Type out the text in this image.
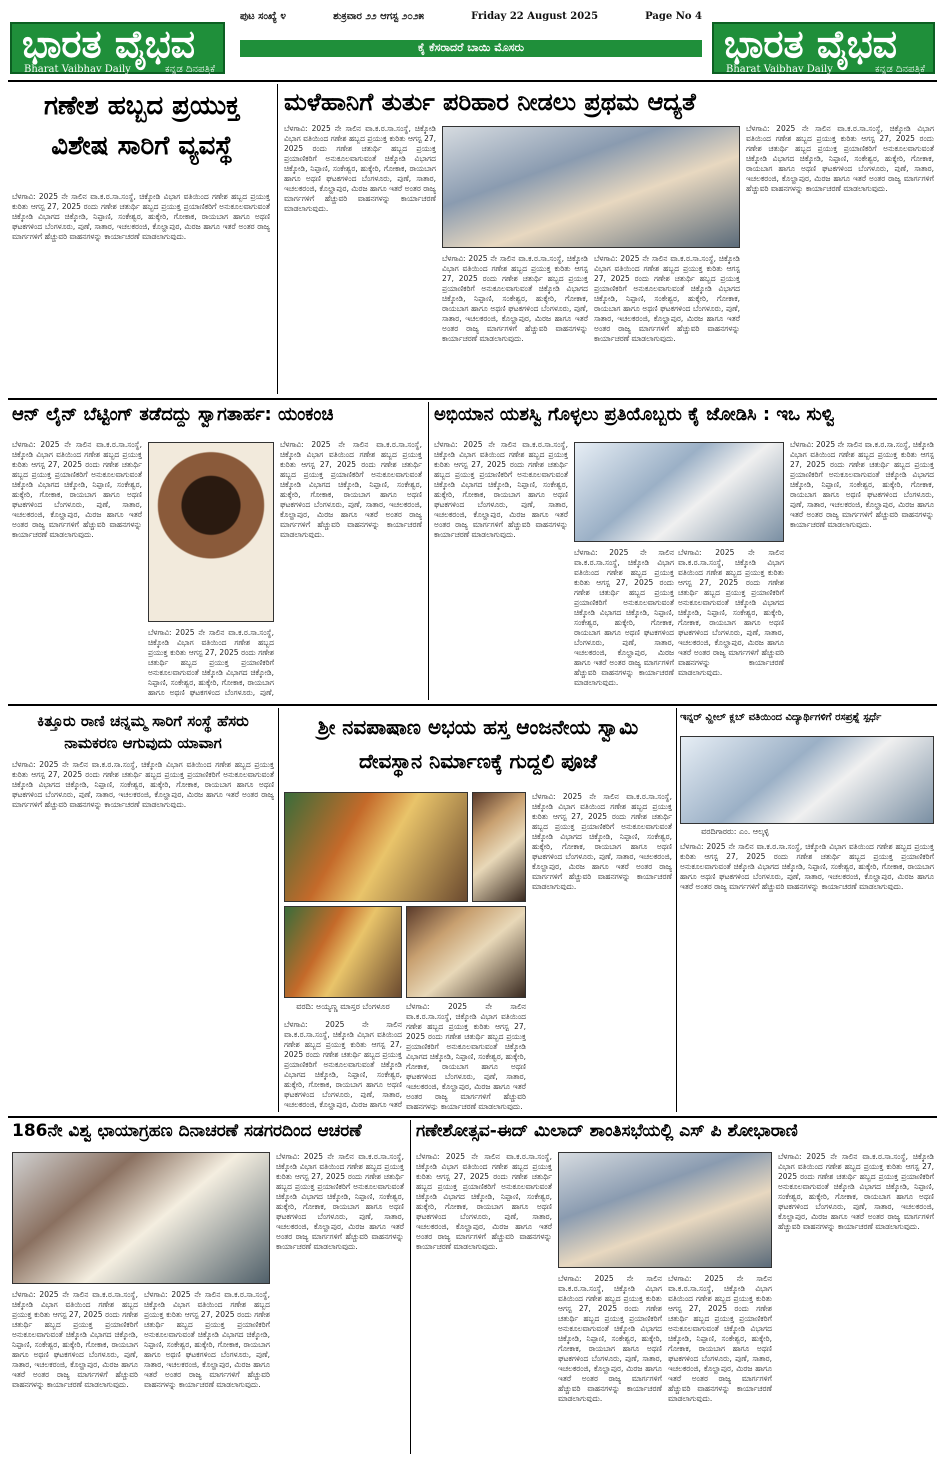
ಭಾರತ ವೈಭವ
Bharat Vaibhav Daily	ಕನ್ನಡ ದಿನಪತ್ರಿಕೆ
ಪುಟ ಸಂಖ್ಯೆ ೪	ಶುಕ್ರವಾರ ೨೨ ಆಗಸ್ಟ ೨೦೨೫	Friday 22 August 2025	Page No 4
ಕೈ ಕೆಸರಾದರೆ ಬಾಯಿ ಮೊಸರು	ಭಾರತ ವೈಭವ
Bharat Vaibhav Daily	ಕನ್ನಡ ದಿನಪತ್ರಿಕೆ
ಗಣೇಶ ಹಬ್ಬದ ಪ್ರಯುಕ್ತ ವಿಶೇಷ ಸಾರಿಗೆ ವ್ಯವಸ್ಥೆ
ಬೆಳಗಾವಿ: 2025 ನೇ ಸಾಲಿನ ವಾ.ಕ.ರ.ಸಾ.ಸಂಸ್ಥೆ, ಚಿಕ್ಕೋಡಿ ವಿಭಾಗ ವತಿಯಿಂದ ಗಣೇಶ ಹಬ್ಬದ ಪ್ರಯುಕ್ತ ಕುರಿತು ಆಗಸ್ಟ 27, 2025 ರಂದು ಗಣೇಶ ಚತುರ್ಥಿ ಹಬ್ಬದ ಪ್ರಯುಕ್ತ ಪ್ರಯಾಣಿಕರಿಗೆ ಅನುಕೂಲವಾಗುವಂತೆ ಚಿಕ್ಕೋಡಿ ವಿಭಾಗದ ಚಿಕ್ಕೋಡಿ, ನಿಪ್ಪಾಣಿ, ಸಂಕೇಶ್ವರ, ಹುಕ್ಕೇರಿ, ಗೋಕಾಕ, ರಾಯಬಾಗ ಹಾಗೂ ಅಥಣಿ ಘಟಕಗಳಿಂದ ಬೆಂಗಳೂರು, ಪುಣೆ, ಸಾತಾರ, ಇಚಲಕರಂಜಿ, ಕೊಲ್ಹಾಪುರ, ಮಿರಜ ಹಾಗೂ ಇತರೆ ಅಂತರ ರಾಜ್ಯ ಮಾರ್ಗಗಳಿಗೆ ಹೆಚ್ಚುವರಿ ವಾಹನಗಳನ್ನು ಕಾರ್ಯಾಚರಣೆ ಮಾಡಲಾಗುವುದು.
ಮಳೆಹಾನಿಗೆ ತುರ್ತು ಪರಿಹಾರ ನೀಡಲು ಪ್ರಥಮ ಆದ್ಯತೆ
ಬೆಳಗಾವಿ: 2025 ನೇ ಸಾಲಿನ ವಾ.ಕ.ರ.ಸಾ.ಸಂಸ್ಥೆ, ಚಿಕ್ಕೋಡಿ ವಿಭಾಗ ವತಿಯಿಂದ ಗಣೇಶ ಹಬ್ಬದ ಪ್ರಯುಕ್ತ ಕುರಿತು ಆಗಸ್ಟ 27, 2025 ರಂದು ಗಣೇಶ ಚತುರ್ಥಿ ಹಬ್ಬದ ಪ್ರಯುಕ್ತ ಪ್ರಯಾಣಿಕರಿಗೆ ಅನುಕೂಲವಾಗುವಂತೆ ಚಿಕ್ಕೋಡಿ ವಿಭಾಗದ ಚಿಕ್ಕೋಡಿ, ನಿಪ್ಪಾಣಿ, ಸಂಕೇಶ್ವರ, ಹುಕ್ಕೇರಿ, ಗೋಕಾಕ, ರಾಯಬಾಗ ಹಾಗೂ ಅಥಣಿ ಘಟಕಗಳಿಂದ ಬೆಂಗಳೂರು, ಪುಣೆ, ಸಾತಾರ, ಇಚಲಕರಂಜಿ, ಕೊಲ್ಹಾಪುರ, ಮಿರಜ ಹಾಗೂ ಇತರೆ ಅಂತರ ರಾಜ್ಯ ಮಾರ್ಗಗಳಿಗೆ ಹೆಚ್ಚುವರಿ ವಾಹನಗಳನ್ನು ಕಾರ್ಯಾಚರಣೆ ಮಾಡಲಾಗುವುದು.
ಬೆಳಗಾವಿ: 2025 ನೇ ಸಾಲಿನ ವಾ.ಕ.ರ.ಸಾ.ಸಂಸ್ಥೆ, ಚಿಕ್ಕೋಡಿ ವಿಭಾಗ ವತಿಯಿಂದ ಗಣೇಶ ಹಬ್ಬದ ಪ್ರಯುಕ್ತ ಕುರಿತು ಆಗಸ್ಟ 27, 2025 ರಂದು ಗಣೇಶ ಚತುರ್ಥಿ ಹಬ್ಬದ ಪ್ರಯುಕ್ತ ಪ್ರಯಾಣಿಕರಿಗೆ ಅನುಕೂಲವಾಗುವಂತೆ ಚಿಕ್ಕೋಡಿ ವಿಭಾಗದ ಚಿಕ್ಕೋಡಿ, ನಿಪ್ಪಾಣಿ, ಸಂಕೇಶ್ವರ, ಹುಕ್ಕೇರಿ, ಗೋಕಾಕ, ರಾಯಬಾಗ ಹಾಗೂ ಅಥಣಿ ಘಟಕಗಳಿಂದ ಬೆಂಗಳೂರು, ಪುಣೆ, ಸಾತಾರ, ಇಚಲಕರಂಜಿ, ಕೊಲ್ಹಾಪುರ, ಮಿರಜ ಹಾಗೂ ಇತರೆ ಅಂತರ ರಾಜ್ಯ ಮಾರ್ಗಗಳಿಗೆ ಹೆಚ್ಚುವರಿ ವಾಹನಗಳನ್ನು ಕಾರ್ಯಾಚರಣೆ ಮಾಡಲಾಗುವುದು.
ಬೆಳಗಾವಿ: 2025 ನೇ ಸಾಲಿನ ವಾ.ಕ.ರ.ಸಾ.ಸಂಸ್ಥೆ, ಚಿಕ್ಕೋಡಿ ವಿಭಾಗ ವತಿಯಿಂದ ಗಣೇಶ ಹಬ್ಬದ ಪ್ರಯುಕ್ತ ಕುರಿತು ಆಗಸ್ಟ 27, 2025 ರಂದು ಗಣೇಶ ಚತುರ್ಥಿ ಹಬ್ಬದ ಪ್ರಯುಕ್ತ ಪ್ರಯಾಣಿಕರಿಗೆ ಅನುಕೂಲವಾಗುವಂತೆ ಚಿಕ್ಕೋಡಿ ವಿಭಾಗದ ಚಿಕ್ಕೋಡಿ, ನಿಪ್ಪಾಣಿ, ಸಂಕೇಶ್ವರ, ಹುಕ್ಕೇರಿ, ಗೋಕಾಕ, ರಾಯಬಾಗ ಹಾಗೂ ಅಥಣಿ ಘಟಕಗಳಿಂದ ಬೆಂಗಳೂರು, ಪುಣೆ, ಸಾತಾರ, ಇಚಲಕರಂಜಿ, ಕೊಲ್ಹಾಪುರ, ಮಿರಜ ಹಾಗೂ ಇತರೆ ಅಂತರ ರಾಜ್ಯ ಮಾರ್ಗಗಳಿಗೆ ಹೆಚ್ಚುವರಿ ವಾಹನಗಳನ್ನು ಕಾರ್ಯಾಚರಣೆ ಮಾಡಲಾಗುವುದು.
ಬೆಳಗಾವಿ: 2025 ನೇ ಸಾಲಿನ ವಾ.ಕ.ರ.ಸಾ.ಸಂಸ್ಥೆ, ಚಿಕ್ಕೋಡಿ ವಿಭಾಗ ವತಿಯಿಂದ ಗಣೇಶ ಹಬ್ಬದ ಪ್ರಯುಕ್ತ ಕುರಿತು ಆಗಸ್ಟ 27, 2025 ರಂದು ಗಣೇಶ ಚತುರ್ಥಿ ಹಬ್ಬದ ಪ್ರಯುಕ್ತ ಪ್ರಯಾಣಿಕರಿಗೆ ಅನುಕೂಲವಾಗುವಂತೆ ಚಿಕ್ಕೋಡಿ ವಿಭಾಗದ ಚಿಕ್ಕೋಡಿ, ನಿಪ್ಪಾಣಿ, ಸಂಕೇಶ್ವರ, ಹುಕ್ಕೇರಿ, ಗೋಕಾಕ, ರಾಯಬಾಗ ಹಾಗೂ ಅಥಣಿ ಘಟಕಗಳಿಂದ ಬೆಂಗಳೂರು, ಪುಣೆ, ಸಾತಾರ, ಇಚಲಕರಂಜಿ, ಕೊಲ್ಹಾಪುರ, ಮಿರಜ ಹಾಗೂ ಇತರೆ ಅಂತರ ರಾಜ್ಯ ಮಾರ್ಗಗಳಿಗೆ ಹೆಚ್ಚುವರಿ ವಾಹನಗಳನ್ನು ಕಾರ್ಯಾಚರಣೆ ಮಾಡಲಾಗುವುದು.
ಆನ್ ಲೈನ್ ಬೆಟ್ಟಿಂಗ್ ತಡೆದದ್ದು ಸ್ವಾಗತಾರ್ಹ: ಯಂಕಂಚಿ
ಬೆಳಗಾವಿ: 2025 ನೇ ಸಾಲಿನ ವಾ.ಕ.ರ.ಸಾ.ಸಂಸ್ಥೆ, ಚಿಕ್ಕೋಡಿ ವಿಭಾಗ ವತಿಯಿಂದ ಗಣೇಶ ಹಬ್ಬದ ಪ್ರಯುಕ್ತ ಕುರಿತು ಆಗಸ್ಟ 27, 2025 ರಂದು ಗಣೇಶ ಚತುರ್ಥಿ ಹಬ್ಬದ ಪ್ರಯುಕ್ತ ಪ್ರಯಾಣಿಕರಿಗೆ ಅನುಕೂಲವಾಗುವಂತೆ ಚಿಕ್ಕೋಡಿ ವಿಭಾಗದ ಚಿಕ್ಕೋಡಿ, ನಿಪ್ಪಾಣಿ, ಸಂಕೇಶ್ವರ, ಹುಕ್ಕೇರಿ, ಗೋಕಾಕ, ರಾಯಬಾಗ ಹಾಗೂ ಅಥಣಿ ಘಟಕಗಳಿಂದ ಬೆಂಗಳೂರು, ಪುಣೆ, ಸಾತಾರ, ಇಚಲಕರಂಜಿ, ಕೊಲ್ಹಾಪುರ, ಮಿರಜ ಹಾಗೂ ಇತರೆ ಅಂತರ ರಾಜ್ಯ ಮಾರ್ಗಗಳಿಗೆ ಹೆಚ್ಚುವರಿ ವಾಹನಗಳನ್ನು ಕಾರ್ಯಾಚರಣೆ ಮಾಡಲಾಗುವುದು.
ಬೆಳಗಾವಿ: 2025 ನೇ ಸಾಲಿನ ವಾ.ಕ.ರ.ಸಾ.ಸಂಸ್ಥೆ, ಚಿಕ್ಕೋಡಿ ವಿಭಾಗ ವತಿಯಿಂದ ಗಣೇಶ ಹಬ್ಬದ ಪ್ರಯುಕ್ತ ಕುರಿತು ಆಗಸ್ಟ 27, 2025 ರಂದು ಗಣೇಶ ಚತುರ್ಥಿ ಹಬ್ಬದ ಪ್ರಯುಕ್ತ ಪ್ರಯಾಣಿಕರಿಗೆ ಅನುಕೂಲವಾಗುವಂತೆ ಚಿಕ್ಕೋಡಿ ವಿಭಾಗದ ಚಿಕ್ಕೋಡಿ, ನಿಪ್ಪಾಣಿ, ಸಂಕೇಶ್ವರ, ಹುಕ್ಕೇರಿ, ಗೋಕಾಕ, ರಾಯಬಾಗ ಹಾಗೂ ಅಥಣಿ ಘಟಕಗಳಿಂದ ಬೆಂಗಳೂರು, ಪುಣೆ,
ಬೆಳಗಾವಿ: 2025 ನೇ ಸಾಲಿನ ವಾ.ಕ.ರ.ಸಾ.ಸಂಸ್ಥೆ, ಚಿಕ್ಕೋಡಿ ವಿಭಾಗ ವತಿಯಿಂದ ಗಣೇಶ ಹಬ್ಬದ ಪ್ರಯುಕ್ತ ಕುರಿತು ಆಗಸ್ಟ 27, 2025 ರಂದು ಗಣೇಶ ಚತುರ್ಥಿ ಹಬ್ಬದ ಪ್ರಯುಕ್ತ ಪ್ರಯಾಣಿಕರಿಗೆ ಅನುಕೂಲವಾಗುವಂತೆ ಚಿಕ್ಕೋಡಿ ವಿಭಾಗದ ಚಿಕ್ಕೋಡಿ, ನಿಪ್ಪಾಣಿ, ಸಂಕೇಶ್ವರ, ಹುಕ್ಕೇರಿ, ಗೋಕಾಕ, ರಾಯಬಾಗ ಹಾಗೂ ಅಥಣಿ ಘಟಕಗಳಿಂದ ಬೆಂಗಳೂರು, ಪುಣೆ, ಸಾತಾರ, ಇಚಲಕರಂಜಿ, ಕೊಲ್ಹಾಪುರ, ಮಿರಜ ಹಾಗೂ ಇತರೆ ಅಂತರ ರಾಜ್ಯ ಮಾರ್ಗಗಳಿಗೆ ಹೆಚ್ಚುವರಿ ವಾಹನಗಳನ್ನು ಕಾರ್ಯಾಚರಣೆ ಮಾಡಲಾಗುವುದು.
ಅಭಿಯಾನ ಯಶಸ್ವಿ ಗೊಳ್ಳಲು ಪ್ರತಿಯೊಬ್ಬರು ಕೈ ಜೋಡಿಸಿ : ಇಒ ಸುಳ್ವಿ
ಬೆಳಗಾವಿ: 2025 ನೇ ಸಾಲಿನ ವಾ.ಕ.ರ.ಸಾ.ಸಂಸ್ಥೆ, ಚಿಕ್ಕೋಡಿ ವಿಭಾಗ ವತಿಯಿಂದ ಗಣೇಶ ಹಬ್ಬದ ಪ್ರಯುಕ್ತ ಕುರಿತು ಆಗಸ್ಟ 27, 2025 ರಂದು ಗಣೇಶ ಚತುರ್ಥಿ ಹಬ್ಬದ ಪ್ರಯುಕ್ತ ಪ್ರಯಾಣಿಕರಿಗೆ ಅನುಕೂಲವಾಗುವಂತೆ ಚಿಕ್ಕೋಡಿ ವಿಭಾಗದ ಚಿಕ್ಕೋಡಿ, ನಿಪ್ಪಾಣಿ, ಸಂಕೇಶ್ವರ, ಹುಕ್ಕೇರಿ, ಗೋಕಾಕ, ರಾಯಬಾಗ ಹಾಗೂ ಅಥಣಿ ಘಟಕಗಳಿಂದ ಬೆಂಗಳೂರು, ಪುಣೆ, ಸಾತಾರ, ಇಚಲಕರಂಜಿ, ಕೊಲ್ಹಾಪುರ, ಮಿರಜ ಹಾಗೂ ಇತರೆ ಅಂತರ ರಾಜ್ಯ ಮಾರ್ಗಗಳಿಗೆ ಹೆಚ್ಚುವರಿ ವಾಹನಗಳನ್ನು ಕಾರ್ಯಾಚರಣೆ ಮಾಡಲಾಗುವುದು.
ಬೆಳಗಾವಿ: 2025 ನೇ ಸಾಲಿನ ವಾ.ಕ.ರ.ಸಾ.ಸಂಸ್ಥೆ, ಚಿಕ್ಕೋಡಿ ವಿಭಾಗ ವತಿಯಿಂದ ಗಣೇಶ ಹಬ್ಬದ ಪ್ರಯುಕ್ತ ಕುರಿತು ಆಗಸ್ಟ 27, 2025 ರಂದು ಗಣೇಶ ಚತುರ್ಥಿ ಹಬ್ಬದ ಪ್ರಯುಕ್ತ ಪ್ರಯಾಣಿಕರಿಗೆ ಅನುಕೂಲವಾಗುವಂತೆ ಚಿಕ್ಕೋಡಿ ವಿಭಾಗದ ಚಿಕ್ಕೋಡಿ, ನಿಪ್ಪಾಣಿ, ಸಂಕೇಶ್ವರ, ಹುಕ್ಕೇರಿ, ಗೋಕಾಕ, ರಾಯಬಾಗ ಹಾಗೂ ಅಥಣಿ ಘಟಕಗಳಿಂದ ಬೆಂಗಳೂರು, ಪುಣೆ, ಸಾತಾರ, ಇಚಲಕರಂಜಿ, ಕೊಲ್ಹಾಪುರ, ಮಿರಜ ಹಾಗೂ ಇತರೆ ಅಂತರ ರಾಜ್ಯ ಮಾರ್ಗಗಳಿಗೆ ಹೆಚ್ಚುವರಿ ವಾಹನಗಳನ್ನು ಕಾರ್ಯಾಚರಣೆ ಮಾಡಲಾಗುವುದು.
ಬೆಳಗಾವಿ: 2025 ನೇ ಸಾಲಿನ ವಾ.ಕ.ರ.ಸಾ.ಸಂಸ್ಥೆ, ಚಿಕ್ಕೋಡಿ ವಿಭಾಗ ವತಿಯಿಂದ ಗಣೇಶ ಹಬ್ಬದ ಪ್ರಯುಕ್ತ ಕುರಿತು ಆಗಸ್ಟ 27, 2025 ರಂದು ಗಣೇಶ ಚತುರ್ಥಿ ಹಬ್ಬದ ಪ್ರಯುಕ್ತ ಪ್ರಯಾಣಿಕರಿಗೆ ಅನುಕೂಲವಾಗುವಂತೆ ಚಿಕ್ಕೋಡಿ ವಿಭಾಗದ ಚಿಕ್ಕೋಡಿ, ನಿಪ್ಪಾಣಿ, ಸಂಕೇಶ್ವರ, ಹುಕ್ಕೇರಿ, ಗೋಕಾಕ, ರಾಯಬಾಗ ಹಾಗೂ ಅಥಣಿ ಘಟಕಗಳಿಂದ ಬೆಂಗಳೂರು, ಪುಣೆ, ಸಾತಾರ, ಇಚಲಕರಂಜಿ, ಕೊಲ್ಹಾಪುರ, ಮಿರಜ ಹಾಗೂ ಇತರೆ ಅಂತರ ರಾಜ್ಯ ಮಾರ್ಗಗಳಿಗೆ ಹೆಚ್ಚುವರಿ ವಾಹನಗಳನ್ನು ಕಾರ್ಯಾಚರಣೆ ಮಾಡಲಾಗುವುದು.
ಬೆಳಗಾವಿ: 2025 ನೇ ಸಾಲಿನ ವಾ.ಕ.ರ.ಸಾ.ಸಂಸ್ಥೆ, ಚಿಕ್ಕೋಡಿ ವಿಭಾಗ ವತಿಯಿಂದ ಗಣೇಶ ಹಬ್ಬದ ಪ್ರಯುಕ್ತ ಕುರಿತು ಆಗಸ್ಟ 27, 2025 ರಂದು ಗಣೇಶ ಚತುರ್ಥಿ ಹಬ್ಬದ ಪ್ರಯುಕ್ತ ಪ್ರಯಾಣಿಕರಿಗೆ ಅನುಕೂಲವಾಗುವಂತೆ ಚಿಕ್ಕೋಡಿ ವಿಭಾಗದ ಚಿಕ್ಕೋಡಿ, ನಿಪ್ಪಾಣಿ, ಸಂಕೇಶ್ವರ, ಹುಕ್ಕೇರಿ, ಗೋಕಾಕ, ರಾಯಬಾಗ ಹಾಗೂ ಅಥಣಿ ಘಟಕಗಳಿಂದ ಬೆಂಗಳೂರು, ಪುಣೆ, ಸಾತಾರ, ಇಚಲಕರಂಜಿ, ಕೊಲ್ಹಾಪುರ, ಮಿರಜ ಹಾಗೂ ಇತರೆ ಅಂತರ ರಾಜ್ಯ ಮಾರ್ಗಗಳಿಗೆ ಹೆಚ್ಚುವರಿ ವಾಹನಗಳನ್ನು ಕಾರ್ಯಾಚರಣೆ ಮಾಡಲಾಗುವುದು.
ಕಿತ್ತೂರು ರಾಣಿ ಚನ್ನಮ್ಮ ಸಾರಿಗೆ ಸಂಸ್ಥೆ ಹೆಸರು ನಾಮಕರಣ ಆಗುವುದು ಯಾವಾಗ
ಬೆಳಗಾವಿ: 2025 ನೇ ಸಾಲಿನ ವಾ.ಕ.ರ.ಸಾ.ಸಂಸ್ಥೆ, ಚಿಕ್ಕೋಡಿ ವಿಭಾಗ ವತಿಯಿಂದ ಗಣೇಶ ಹಬ್ಬದ ಪ್ರಯುಕ್ತ ಕುರಿತು ಆಗಸ್ಟ 27, 2025 ರಂದು ಗಣೇಶ ಚತುರ್ಥಿ ಹಬ್ಬದ ಪ್ರಯುಕ್ತ ಪ್ರಯಾಣಿಕರಿಗೆ ಅನುಕೂಲವಾಗುವಂತೆ ಚಿಕ್ಕೋಡಿ ವಿಭಾಗದ ಚಿಕ್ಕೋಡಿ, ನಿಪ್ಪಾಣಿ, ಸಂಕೇಶ್ವರ, ಹುಕ್ಕೇರಿ, ಗೋಕಾಕ, ರಾಯಬಾಗ ಹಾಗೂ ಅಥಣಿ ಘಟಕಗಳಿಂದ ಬೆಂಗಳೂರು, ಪುಣೆ, ಸಾತಾರ, ಇಚಲಕರಂಜಿ, ಕೊಲ್ಹಾಪುರ, ಮಿರಜ ಹಾಗೂ ಇತರೆ ಅಂತರ ರಾಜ್ಯ ಮಾರ್ಗಗಳಿಗೆ ಹೆಚ್ಚುವರಿ ವಾಹನಗಳನ್ನು ಕಾರ್ಯಾಚರಣೆ ಮಾಡಲಾಗುವುದು.
ಶ್ರೀ ನವಪಾಷಾಣ ಅಭಯ ಹಸ್ತ ಆಂಜನೇಯ ಸ್ವಾಮಿ ದೇವಸ್ಥಾನ ನಿರ್ಮಾಣಕ್ಕೆ ಗುದ್ದಲಿ ಪೂಜೆ
ವರದಿ: ಅಯ್ಯಣ್ಣ ಮಾಸ್ತರ ಬೆಂಗಳೂರ
ಬೆಳಗಾವಿ: 2025 ನೇ ಸಾಲಿನ ವಾ.ಕ.ರ.ಸಾ.ಸಂಸ್ಥೆ, ಚಿಕ್ಕೋಡಿ ವಿಭಾಗ ವತಿಯಿಂದ ಗಣೇಶ ಹಬ್ಬದ ಪ್ರಯುಕ್ತ ಕುರಿತು ಆಗಸ್ಟ 27, 2025 ರಂದು ಗಣೇಶ ಚತುರ್ಥಿ ಹಬ್ಬದ ಪ್ರಯುಕ್ತ ಪ್ರಯಾಣಿಕರಿಗೆ ಅನುಕೂಲವಾಗುವಂತೆ ಚಿಕ್ಕೋಡಿ ವಿಭಾಗದ ಚಿಕ್ಕೋಡಿ, ನಿಪ್ಪಾಣಿ, ಸಂಕೇಶ್ವರ, ಹುಕ್ಕೇರಿ, ಗೋಕಾಕ, ರಾಯಬಾಗ ಹಾಗೂ ಅಥಣಿ ಘಟಕಗಳಿಂದ ಬೆಂಗಳೂರು, ಪುಣೆ, ಸಾತಾರ, ಇಚಲಕರಂಜಿ, ಕೊಲ್ಹಾಪುರ, ಮಿರಜ ಹಾಗೂ ಇತರೆ
ಬೆಳಗಾವಿ: 2025 ನೇ ಸಾಲಿನ ವಾ.ಕ.ರ.ಸಾ.ಸಂಸ್ಥೆ, ಚಿಕ್ಕೋಡಿ ವಿಭಾಗ ವತಿಯಿಂದ ಗಣೇಶ ಹಬ್ಬದ ಪ್ರಯುಕ್ತ ಕುರಿತು ಆಗಸ್ಟ 27, 2025 ರಂದು ಗಣೇಶ ಚತುರ್ಥಿ ಹಬ್ಬದ ಪ್ರಯುಕ್ತ ಪ್ರಯಾಣಿಕರಿಗೆ ಅನುಕೂಲವಾಗುವಂತೆ ಚಿಕ್ಕೋಡಿ ವಿಭಾಗದ ಚಿಕ್ಕೋಡಿ, ನಿಪ್ಪಾಣಿ, ಸಂಕೇಶ್ವರ, ಹುಕ್ಕೇರಿ, ಗೋಕಾಕ, ರಾಯಬಾಗ ಹಾಗೂ ಅಥಣಿ ಘಟಕಗಳಿಂದ ಬೆಂಗಳೂರು, ಪುಣೆ, ಸಾತಾರ, ಇಚಲಕರಂಜಿ, ಕೊಲ್ಹಾಪುರ, ಮಿರಜ ಹಾಗೂ ಇತರೆ ಅಂತರ ರಾಜ್ಯ ಮಾರ್ಗಗಳಿಗೆ ಹೆಚ್ಚುವರಿ ವಾಹನಗಳನ್ನು ಕಾರ್ಯಾಚರಣೆ ಮಾಡಲಾಗುವುದು.
ಬೆಳಗಾವಿ: 2025 ನೇ ಸಾಲಿನ ವಾ.ಕ.ರ.ಸಾ.ಸಂಸ್ಥೆ, ಚಿಕ್ಕೋಡಿ ವಿಭಾಗ ವತಿಯಿಂದ ಗಣೇಶ ಹಬ್ಬದ ಪ್ರಯುಕ್ತ ಕುರಿತು ಆಗಸ್ಟ 27, 2025 ರಂದು ಗಣೇಶ ಚತುರ್ಥಿ ಹಬ್ಬದ ಪ್ರಯುಕ್ತ ಪ್ರಯಾಣಿಕರಿಗೆ ಅನುಕೂಲವಾಗುವಂತೆ ಚಿಕ್ಕೋಡಿ ವಿಭಾಗದ ಚಿಕ್ಕೋಡಿ, ನಿಪ್ಪಾಣಿ, ಸಂಕೇಶ್ವರ, ಹುಕ್ಕೇರಿ, ಗೋಕಾಕ, ರಾಯಬಾಗ ಹಾಗೂ ಅಥಣಿ ಘಟಕಗಳಿಂದ ಬೆಂಗಳೂರು, ಪುಣೆ, ಸಾತಾರ, ಇಚಲಕರಂಜಿ, ಕೊಲ್ಹಾಪುರ, ಮಿರಜ ಹಾಗೂ ಇತರೆ ಅಂತರ ರಾಜ್ಯ ಮಾರ್ಗಗಳಿಗೆ ಹೆಚ್ಚುವರಿ ವಾಹನಗಳನ್ನು ಕಾರ್ಯಾಚರಣೆ ಮಾಡಲಾಗುವುದು.
ಇನ್ನರ್ ವ್ಹೀಲ್ ಕ್ಲಬ್ ವತಿಯಿಂದ ವಿದ್ಯಾರ್ಥಿಗಳಿಗೆ ರಸಪ್ರಶ್ನೆ ಸ್ಪರ್ಧೆ
ವರದಿಗಾರರು: ಎಂ. ಆಲ್ಕಳ್ಳಿ
ಬೆಳಗಾವಿ: 2025 ನೇ ಸಾಲಿನ ವಾ.ಕ.ರ.ಸಾ.ಸಂಸ್ಥೆ, ಚಿಕ್ಕೋಡಿ ವಿಭಾಗ ವತಿಯಿಂದ ಗಣೇಶ ಹಬ್ಬದ ಪ್ರಯುಕ್ತ ಕುರಿತು ಆಗಸ್ಟ 27, 2025 ರಂದು ಗಣೇಶ ಚತುರ್ಥಿ ಹಬ್ಬದ ಪ್ರಯುಕ್ತ ಪ್ರಯಾಣಿಕರಿಗೆ ಅನುಕೂಲವಾಗುವಂತೆ ಚಿಕ್ಕೋಡಿ ವಿಭಾಗದ ಚಿಕ್ಕೋಡಿ, ನಿಪ್ಪಾಣಿ, ಸಂಕೇಶ್ವರ, ಹುಕ್ಕೇರಿ, ಗೋಕಾಕ, ರಾಯಬಾಗ ಹಾಗೂ ಅಥಣಿ ಘಟಕಗಳಿಂದ ಬೆಂಗಳೂರು, ಪುಣೆ, ಸಾತಾರ, ಇಚಲಕರಂಜಿ, ಕೊಲ್ಹಾಪುರ, ಮಿರಜ ಹಾಗೂ ಇತರೆ ಅಂತರ ರಾಜ್ಯ ಮಾರ್ಗಗಳಿಗೆ ಹೆಚ್ಚುವರಿ ವಾಹನಗಳನ್ನು ಕಾರ್ಯಾಚರಣೆ ಮಾಡಲಾಗುವುದು.
186ನೇ ವಿಶ್ವ ಛಾಯಾಗ್ರಹಣ ದಿನಾಚರಣೆ ಸಡಗರದಿಂದ ಆಚರಣೆ
ಬೆಳಗಾವಿ: 2025 ನೇ ಸಾಲಿನ ವಾ.ಕ.ರ.ಸಾ.ಸಂಸ್ಥೆ, ಚಿಕ್ಕೋಡಿ ವಿಭಾಗ ವತಿಯಿಂದ ಗಣೇಶ ಹಬ್ಬದ ಪ್ರಯುಕ್ತ ಕುರಿತು ಆಗಸ್ಟ 27, 2025 ರಂದು ಗಣೇಶ ಚತುರ್ಥಿ ಹಬ್ಬದ ಪ್ರಯುಕ್ತ ಪ್ರಯಾಣಿಕರಿಗೆ ಅನುಕೂಲವಾಗುವಂತೆ ಚಿಕ್ಕೋಡಿ ವಿಭಾಗದ ಚಿಕ್ಕೋಡಿ, ನಿಪ್ಪಾಣಿ, ಸಂಕೇಶ್ವರ, ಹುಕ್ಕೇರಿ, ಗೋಕಾಕ, ರಾಯಬಾಗ ಹಾಗೂ ಅಥಣಿ ಘಟಕಗಳಿಂದ ಬೆಂಗಳೂರು, ಪುಣೆ, ಸಾತಾರ, ಇಚಲಕರಂಜಿ, ಕೊಲ್ಹಾಪುರ, ಮಿರಜ ಹಾಗೂ ಇತರೆ ಅಂತರ ರಾಜ್ಯ ಮಾರ್ಗಗಳಿಗೆ ಹೆಚ್ಚುವರಿ ವಾಹನಗಳನ್ನು ಕಾರ್ಯಾಚರಣೆ ಮಾಡಲಾಗುವುದು.
ಬೆಳಗಾವಿ: 2025 ನೇ ಸಾಲಿನ ವಾ.ಕ.ರ.ಸಾ.ಸಂಸ್ಥೆ, ಚಿಕ್ಕೋಡಿ ವಿಭಾಗ ವತಿಯಿಂದ ಗಣೇಶ ಹಬ್ಬದ ಪ್ರಯುಕ್ತ ಕುರಿತು ಆಗಸ್ಟ 27, 2025 ರಂದು ಗಣೇಶ ಚತುರ್ಥಿ ಹಬ್ಬದ ಪ್ರಯುಕ್ತ ಪ್ರಯಾಣಿಕರಿಗೆ ಅನುಕೂಲವಾಗುವಂತೆ ಚಿಕ್ಕೋಡಿ ವಿಭಾಗದ ಚಿಕ್ಕೋಡಿ, ನಿಪ್ಪಾಣಿ, ಸಂಕೇಶ್ವರ, ಹುಕ್ಕೇರಿ, ಗೋಕಾಕ, ರಾಯಬಾಗ ಹಾಗೂ ಅಥಣಿ ಘಟಕಗಳಿಂದ ಬೆಂಗಳೂರು, ಪುಣೆ, ಸಾತಾರ, ಇಚಲಕರಂಜಿ, ಕೊಲ್ಹಾಪುರ, ಮಿರಜ ಹಾಗೂ ಇತರೆ ಅಂತರ ರಾಜ್ಯ ಮಾರ್ಗಗಳಿಗೆ ಹೆಚ್ಚುವರಿ ವಾಹನಗಳನ್ನು ಕಾರ್ಯಾಚರಣೆ ಮಾಡಲಾಗುವುದು.
ಬೆಳಗಾವಿ: 2025 ನೇ ಸಾಲಿನ ವಾ.ಕ.ರ.ಸಾ.ಸಂಸ್ಥೆ, ಚಿಕ್ಕೋಡಿ ವಿಭಾಗ ವತಿಯಿಂದ ಗಣೇಶ ಹಬ್ಬದ ಪ್ರಯುಕ್ತ ಕುರಿತು ಆಗಸ್ಟ 27, 2025 ರಂದು ಗಣೇಶ ಚತುರ್ಥಿ ಹಬ್ಬದ ಪ್ರಯುಕ್ತ ಪ್ರಯಾಣಿಕರಿಗೆ ಅನುಕೂಲವಾಗುವಂತೆ ಚಿಕ್ಕೋಡಿ ವಿಭಾಗದ ಚಿಕ್ಕೋಡಿ, ನಿಪ್ಪಾಣಿ, ಸಂಕೇಶ್ವರ, ಹುಕ್ಕೇರಿ, ಗೋಕಾಕ, ರಾಯಬಾಗ ಹಾಗೂ ಅಥಣಿ ಘಟಕಗಳಿಂದ ಬೆಂಗಳೂರು, ಪುಣೆ, ಸಾತಾರ, ಇಚಲಕರಂಜಿ, ಕೊಲ್ಹಾಪುರ, ಮಿರಜ ಹಾಗೂ ಇತರೆ ಅಂತರ ರಾಜ್ಯ ಮಾರ್ಗಗಳಿಗೆ ಹೆಚ್ಚುವರಿ ವಾಹನಗಳನ್ನು ಕಾರ್ಯಾಚರಣೆ ಮಾಡಲಾಗುವುದು.
ಗಣೇಶೋತ್ಸವ-ಈದ್ ಮಿಲಾದ್ ಶಾಂತಿಸಭೆಯಲ್ಲಿ ಎಸ್ ಪಿ ಶೋಭಾರಾಣಿ
ಬೆಳಗಾವಿ: 2025 ನೇ ಸಾಲಿನ ವಾ.ಕ.ರ.ಸಾ.ಸಂಸ್ಥೆ, ಚಿಕ್ಕೋಡಿ ವಿಭಾಗ ವತಿಯಿಂದ ಗಣೇಶ ಹಬ್ಬದ ಪ್ರಯುಕ್ತ ಕುರಿತು ಆಗಸ್ಟ 27, 2025 ರಂದು ಗಣೇಶ ಚತುರ್ಥಿ ಹಬ್ಬದ ಪ್ರಯುಕ್ತ ಪ್ರಯಾಣಿಕರಿಗೆ ಅನುಕೂಲವಾಗುವಂತೆ ಚಿಕ್ಕೋಡಿ ವಿಭಾಗದ ಚಿಕ್ಕೋಡಿ, ನಿಪ್ಪಾಣಿ, ಸಂಕೇಶ್ವರ, ಹುಕ್ಕೇರಿ, ಗೋಕಾಕ, ರಾಯಬಾಗ ಹಾಗೂ ಅಥಣಿ ಘಟಕಗಳಿಂದ ಬೆಂಗಳೂರು, ಪುಣೆ, ಸಾತಾರ, ಇಚಲಕರಂಜಿ, ಕೊಲ್ಹಾಪುರ, ಮಿರಜ ಹಾಗೂ ಇತರೆ ಅಂತರ ರಾಜ್ಯ ಮಾರ್ಗಗಳಿಗೆ ಹೆಚ್ಚುವರಿ ವಾಹನಗಳನ್ನು ಕಾರ್ಯಾಚರಣೆ ಮಾಡಲಾಗುವುದು.
ಬೆಳಗಾವಿ: 2025 ನೇ ಸಾಲಿನ ವಾ.ಕ.ರ.ಸಾ.ಸಂಸ್ಥೆ, ಚಿಕ್ಕೋಡಿ ವಿಭಾಗ ವತಿಯಿಂದ ಗಣೇಶ ಹಬ್ಬದ ಪ್ರಯುಕ್ತ ಕುರಿತು ಆಗಸ್ಟ 27, 2025 ರಂದು ಗಣೇಶ ಚತುರ್ಥಿ ಹಬ್ಬದ ಪ್ರಯುಕ್ತ ಪ್ರಯಾಣಿಕರಿಗೆ ಅನುಕೂಲವಾಗುವಂತೆ ಚಿಕ್ಕೋಡಿ ವಿಭಾಗದ ಚಿಕ್ಕೋಡಿ, ನಿಪ್ಪಾಣಿ, ಸಂಕೇಶ್ವರ, ಹುಕ್ಕೇರಿ, ಗೋಕಾಕ, ರಾಯಬಾಗ ಹಾಗೂ ಅಥಣಿ ಘಟಕಗಳಿಂದ ಬೆಂಗಳೂರು, ಪುಣೆ, ಸಾತಾರ, ಇಚಲಕರಂಜಿ, ಕೊಲ್ಹಾಪುರ, ಮಿರಜ ಹಾಗೂ ಇತರೆ ಅಂತರ ರಾಜ್ಯ ಮಾರ್ಗಗಳಿಗೆ ಹೆಚ್ಚುವರಿ ವಾಹನಗಳನ್ನು ಕಾರ್ಯಾಚರಣೆ ಮಾಡಲಾಗುವುದು.
ಬೆಳಗಾವಿ: 2025 ನೇ ಸಾಲಿನ ವಾ.ಕ.ರ.ಸಾ.ಸಂಸ್ಥೆ, ಚಿಕ್ಕೋಡಿ ವಿಭಾಗ ವತಿಯಿಂದ ಗಣೇಶ ಹಬ್ಬದ ಪ್ರಯುಕ್ತ ಕುರಿತು ಆಗಸ್ಟ 27, 2025 ರಂದು ಗಣೇಶ ಚತುರ್ಥಿ ಹಬ್ಬದ ಪ್ರಯುಕ್ತ ಪ್ರಯಾಣಿಕರಿಗೆ ಅನುಕೂಲವಾಗುವಂತೆ ಚಿಕ್ಕೋಡಿ ವಿಭಾಗದ ಚಿಕ್ಕೋಡಿ, ನಿಪ್ಪಾಣಿ, ಸಂಕೇಶ್ವರ, ಹುಕ್ಕೇರಿ, ಗೋಕಾಕ, ರಾಯಬಾಗ ಹಾಗೂ ಅಥಣಿ ಘಟಕಗಳಿಂದ ಬೆಂಗಳೂರು, ಪುಣೆ, ಸಾತಾರ, ಇಚಲಕರಂಜಿ, ಕೊಲ್ಹಾಪುರ, ಮಿರಜ ಹಾಗೂ ಇತರೆ ಅಂತರ ರಾಜ್ಯ ಮಾರ್ಗಗಳಿಗೆ ಹೆಚ್ಚುವರಿ ವಾಹನಗಳನ್ನು ಕಾರ್ಯಾಚರಣೆ ಮಾಡಲಾಗುವುದು.
ಬೆಳಗಾವಿ: 2025 ನೇ ಸಾಲಿನ ವಾ.ಕ.ರ.ಸಾ.ಸಂಸ್ಥೆ, ಚಿಕ್ಕೋಡಿ ವಿಭಾಗ ವತಿಯಿಂದ ಗಣೇಶ ಹಬ್ಬದ ಪ್ರಯುಕ್ತ ಕುರಿತು ಆಗಸ್ಟ 27, 2025 ರಂದು ಗಣೇಶ ಚತುರ್ಥಿ ಹಬ್ಬದ ಪ್ರಯುಕ್ತ ಪ್ರಯಾಣಿಕರಿಗೆ ಅನುಕೂಲವಾಗುವಂತೆ ಚಿಕ್ಕೋಡಿ ವಿಭಾಗದ ಚಿಕ್ಕೋಡಿ, ನಿಪ್ಪಾಣಿ, ಸಂಕೇಶ್ವರ, ಹುಕ್ಕೇರಿ, ಗೋಕಾಕ, ರಾಯಬಾಗ ಹಾಗೂ ಅಥಣಿ ಘಟಕಗಳಿಂದ ಬೆಂಗಳೂರು, ಪುಣೆ, ಸಾತಾರ, ಇಚಲಕರಂಜಿ, ಕೊಲ್ಹಾಪುರ, ಮಿರಜ ಹಾಗೂ ಇತರೆ ಅಂತರ ರಾಜ್ಯ ಮಾರ್ಗಗಳಿಗೆ ಹೆಚ್ಚುವರಿ ವಾಹನಗಳನ್ನು ಕಾರ್ಯಾಚರಣೆ ಮಾಡಲಾಗುವುದು.
